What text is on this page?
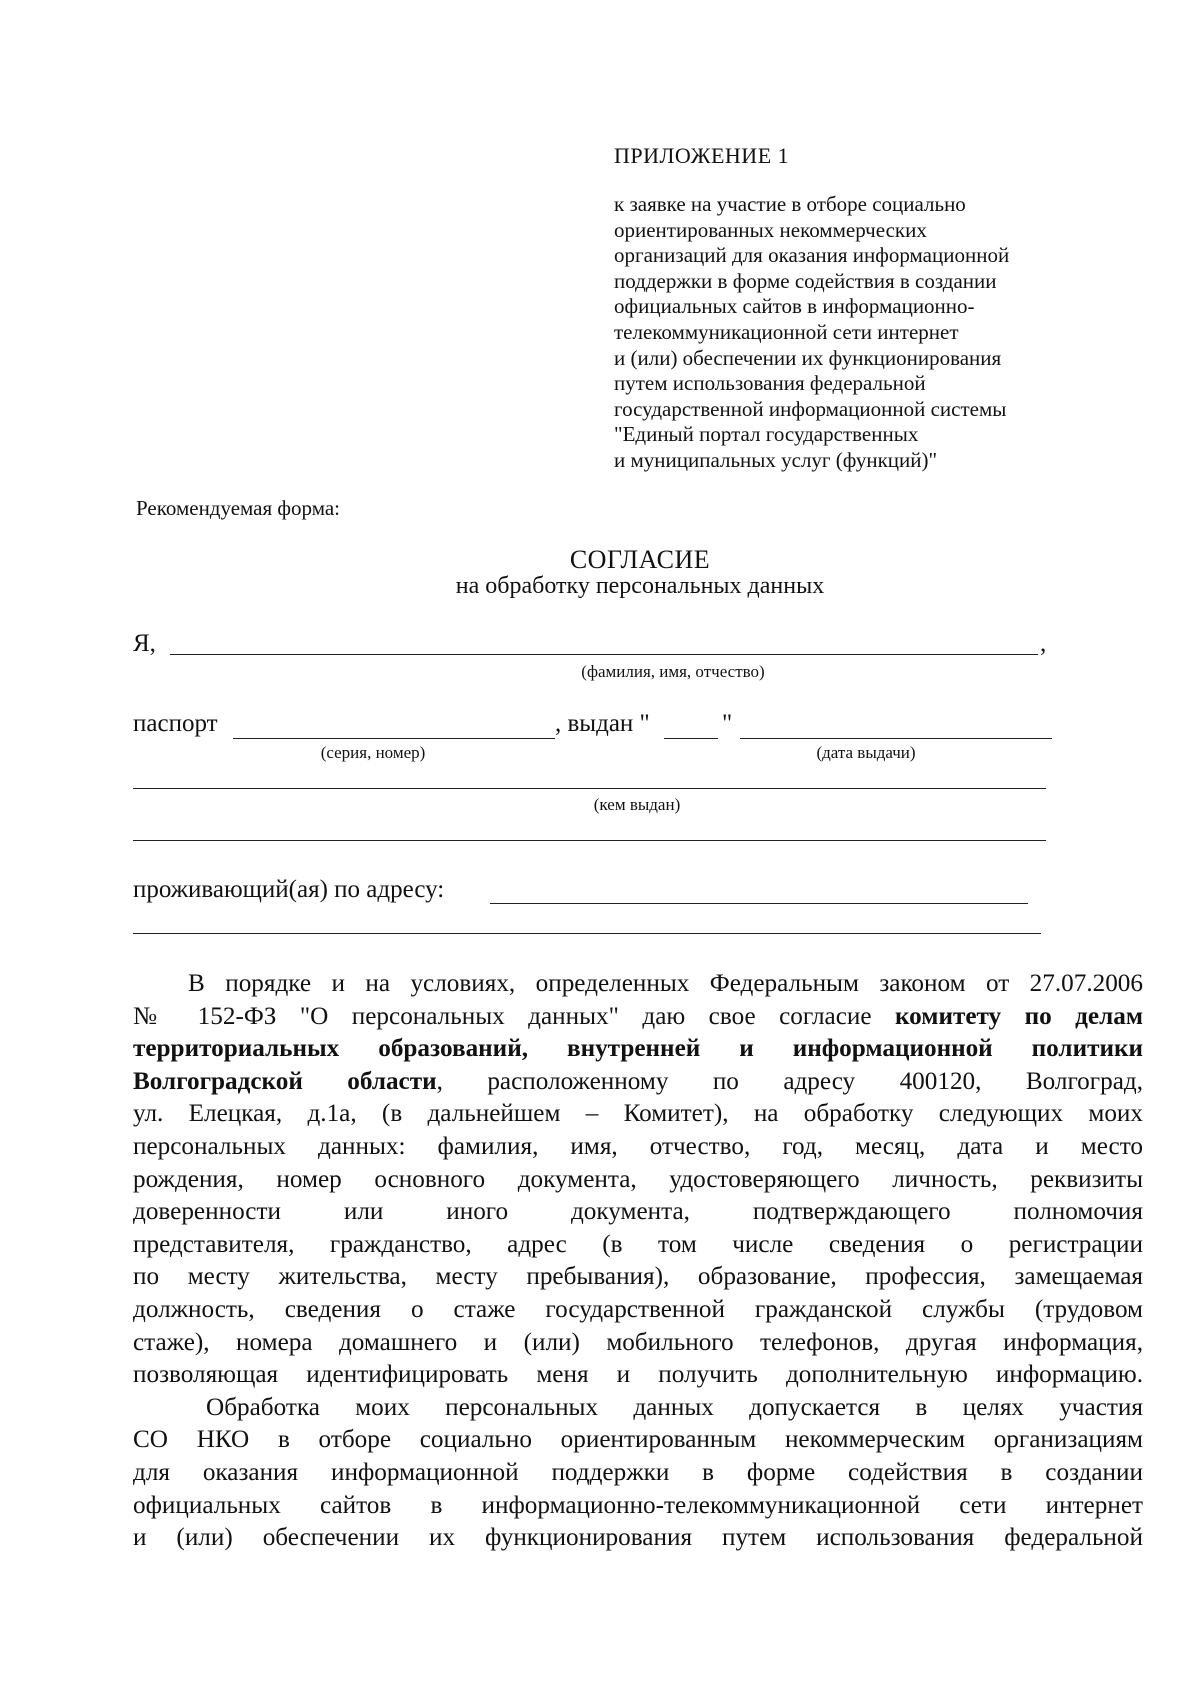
ПРИЛОЖЕНИЕ 1
к заявке на участие в отборе социально
ориентированных некоммерческих
организаций для оказания информационной
поддержки в форме содействия в создании
официальных сайтов в информационно-
телекоммуникационной сети интернет
и (или) обеспечении их функционирования
путем использования федеральной
государственной информационной системы
"Единый портал государственных
и муниципальных услуг (функций)"
Рекомендуемая форма:
СОГЛАСИЕ
на обработку персональных данных
Я,	,
(фамилия, имя, отчество)
паспорт	, выдан "	"
(серия, номер)	(дата выдачи)
(кем выдан)
проживающий(ая) по адресу:
В порядке и на условиях, определенных Федеральным законом от 27.07.2006
№ 152-ФЗ "О персональных данных" даю свое согласие комитету по делам
территориальных образований, внутренней и информационной политики
Волгоградской области, расположенному по адресу 400120, Волгоград,
ул. Елецкая, д.1а, (в дальнейшем – Комитет), на обработку следующих моих
персональных данных: фамилия, имя, отчество, год, месяц, дата и место
рождения, номер основного документа, удостоверяющего личность, реквизиты
доверенности или иного документа, подтверждающего полномочия
представителя, гражданство, адрес (в том числе сведения о регистрации
по месту жительства, месту пребывания), образование, профессия, замещаемая
должность, сведения о стаже государственной гражданской службы (трудовом
стаже), номера домашнего и (или) мобильного телефонов, другая информация,
позволяющая идентифицировать меня и получить дополнительную информацию.
Обработка моих персональных данных допускается в целях участия
СО НКО в отборе социально ориентированным некоммерческим организациям
для оказания информационной поддержки в форме содействия в создании
официальных сайтов в информационно-телекоммуникационной сети интернет
и (или) обеспечении их функционирования путем использования федеральной
